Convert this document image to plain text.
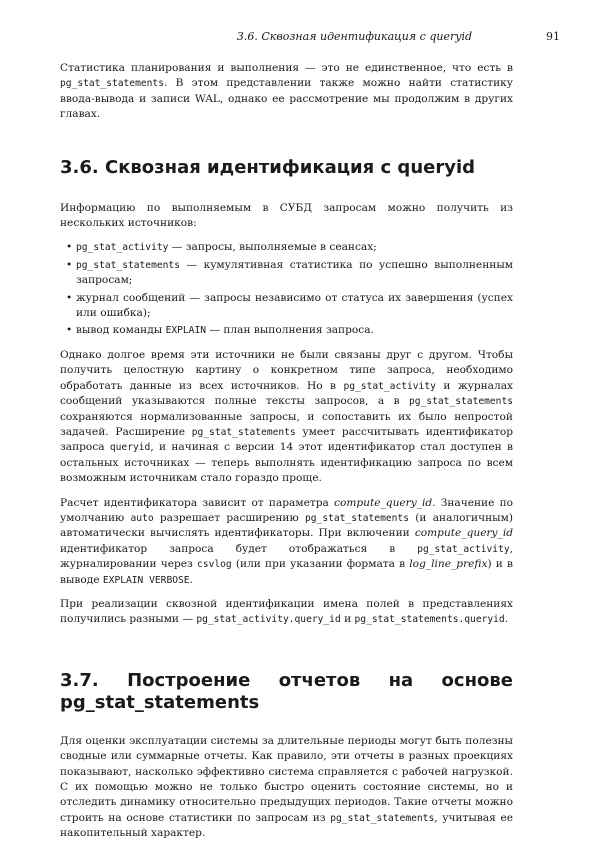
3.6. Сквозная идентификация с queryid	91

Статистика планирования и выполнения — это не единственное, что есть в pg_stat_statements. В этом представлении также можно найти статистику ввода-вывода и записи WAL, однако ее рассмотрение мы продолжим в других главах.

3.6. Сквозная идентификация с queryid

Информацию по выполняемым в СУБД запросам можно получить из нескольких источников:

• pg_stat_activity — запросы, выполняемые в сеансах;
• pg_stat_statements — кумулятивная статистика по успешно выполненным запросам;
• журнал сообщений — запросы независимо от статуса их завершения (успех или ошибка);
• вывод команды EXPLAIN — план выполнения запроса.

Однако долгое время эти источники не были связаны друг с другом. Чтобы получить целостную картину о конкретном типе запроса, необходимо обработать данные из всех источников. Но в pg_stat_activity и журналах сообщений указываются полные тексты запросов, а в pg_stat_statements сохраняются нормализованные запросы, и сопоставить их было непростой задачей. Расширение pg_stat_statements умеет рассчитывать идентификатор запроса queryid, и начиная с версии 14 этот идентификатор стал доступен в остальных источниках — теперь выполнять идентификацию запроса по всем возможным источникам стало гораздо проще.

Расчет идентификатора зависит от параметра compute_query_id. Значение по умолчанию auto разрешает расширению pg_stat_statements (и аналогичным) автоматически вычислять идентификаторы. При включении compute_query_id идентификатор запроса будет отображаться в pg_stat_activity, журналировании через csvlog (или при указании формата в log_line_prefix) и в выводе EXPLAIN VERBOSE.

При реализации сквозной идентификации имена полей в представлениях получились разными — pg_stat_activity.query_id и pg_stat_statements.queryid.

3.7. Построение отчетов на основе pg_stat_statements

Для оценки эксплуатации системы за длительные периоды могут быть полезны сводные или суммарные отчеты. Как правило, эти отчеты в разных проекциях показывают, насколько эффективно система справляется с рабочей нагрузкой. С их помощью можно не только быстро оценить состояние системы, но и отследить динамику относительно предыдущих периодов. Такие отчеты можно строить на основе статистики по запросам из pg_stat_statements, учитывая ее накопительный характер.
